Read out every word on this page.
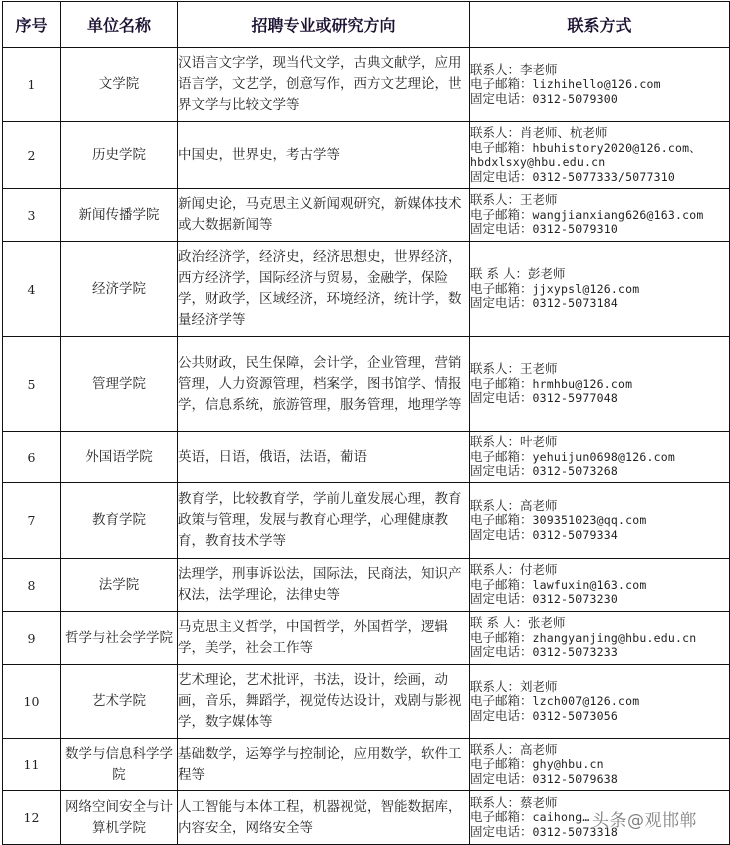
序号	单位名称	招聘专业或研究方向	联系方式
1	文学院	汉语言文字学，现当代文学，古典文献学，应用语言学，文艺学，创意写作，西方文艺理论，世界文学与比较文学等	联系人：李老师
电子邮箱：lizhihello@126.com
固定电话：0312-5079300

2	历史学院	中国史，世界史，考古学等	联系人：肖老师、杭老师
电子邮箱：hbuhistory2020@126.com、
hbdxlsxy@hbu.edu.cn
固定电话：0312-5077333/5077310

3	新闻传播学院	新闻史论，马克思主义新闻观研究，新媒体技术或大数据新闻等	联系人：王老师
电子邮箱：wangjianxiang626@163.com
固定电话：0312-5079310

4	经济学院	政治经济学，经济史，经济思想史，世界经济，西方经济学，国际经济与贸易，金融学，保险学，财政学，区域经济，环境经济，统计学，数量经济学等	联 系 人：彭老师
电子邮箱：jjxypsl@126.com
固定电话：0312-5073184

5	管理学院	公共财政，民生保障，会计学，企业管理，营销管理，人力资源管理，档案学，图书馆学、情报学，信息系统，旅游管理，服务管理，地理学等	联系人：王老师
电子邮箱：hrmhbu@126.com
固定电话：0312-5977048

6	外国语学院	英语，日语，俄语，法语，葡语	联系人：叶老师
电子邮箱：yehuijun0698@126.com
固定电话：0312-5073268

7	教育学院	教育学，比较教育学，学前儿童发展心理，教育政策与管理，发展与教育心理学，心理健康教育，教育技术学等	联系人：高老师
电子邮箱：309351023@qq.com
固定电话：0312-5079334

8	法学院	法理学，刑事诉讼法，国际法，民商法，知识产权法，法学理论，法律史等	联系人：付老师
电子邮箱：lawfuxin@163.com
固定电话：0312-5073230

9	哲学与社会学学院	马克思主义哲学，中国哲学，外国哲学，逻辑学，美学，社会工作等	联 系 人：张老师
电子邮箱：zhangyanjing@hbu.edu.cn
固定电话：0312-5073233

10	艺术学院	艺术理论，艺术批评，书法，设计，绘画，动画，音乐，舞蹈学，视觉传达设计，戏剧与影视学，数字媒体等	联系人：刘老师
电子邮箱：lzch007@126.com
固定电话：0312-5073056

11	数学与信息科学学院	基础数学，运筹学与控制论，应用数学，软件工程等	联系人：高老师
电子邮箱：ghy@hbu.cn
固定电话：0312-5079638

12	网络空间安全与计算机学院	人工智能与本体工程，机器视觉，智能数据库，内容安全，网络安全等	联系人：蔡老师
电子邮箱：caihong…
固定电话：0312-5073318
头条@观邯郸
